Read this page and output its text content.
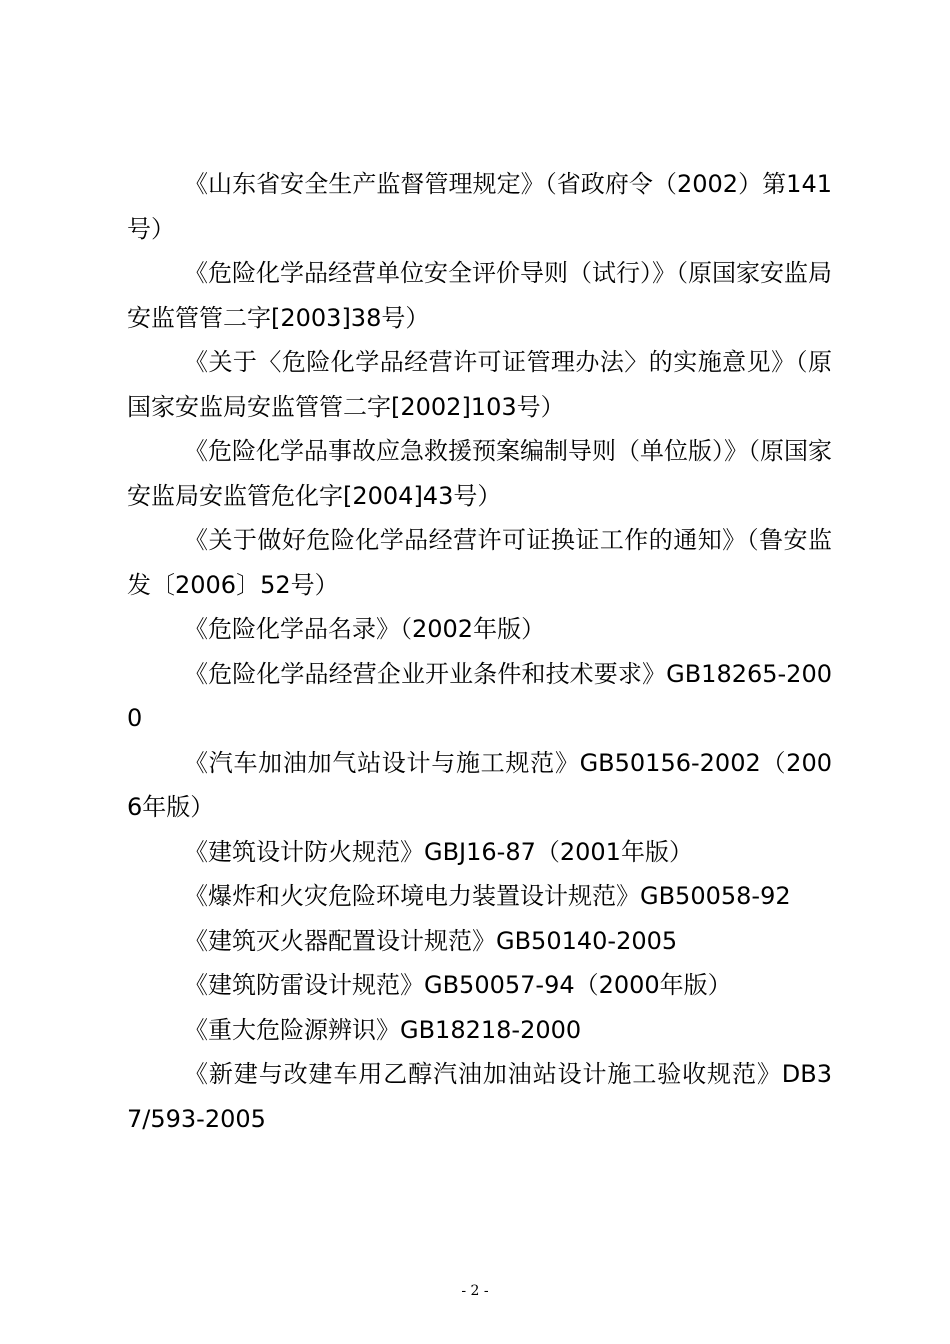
《山东省安全生产监督管理规定》（省政府令（2002）第141号）

《危险化学品经营单位安全评价导则（试行）》（原国家安监局安监管管二字[2003]38号）

《关于〈危险化学品经营许可证管理办法〉的实施意见》（原国家安监局安监管管二字[2002]103号）

《危险化学品事故应急救援预案编制导则（单位版）》（原国家安监局安监管危化字[2004]43号）

《关于做好危险化学品经营许可证换证工作的通知》（鲁安监发〔2006〕52号）

《危险化学品名录》（2002年版）

《危险化学品经营企业开业条件和技术要求》GB18265-2000

《汽车加油加气站设计与施工规范》GB50156-2002（2006年版）

《建筑设计防火规范》GBJ16-87（2001年版）

《爆炸和火灾危险环境电力装置设计规范》GB50058-92

《建筑灭火器配置设计规范》GB50140-2005

《建筑防雷设计规范》GB50057-94（2000年版）

《重大危险源辨识》GB18218-2000

《新建与改建车用乙醇汽油加油站设计施工验收规范》DB37/593-2005

- 2 -
